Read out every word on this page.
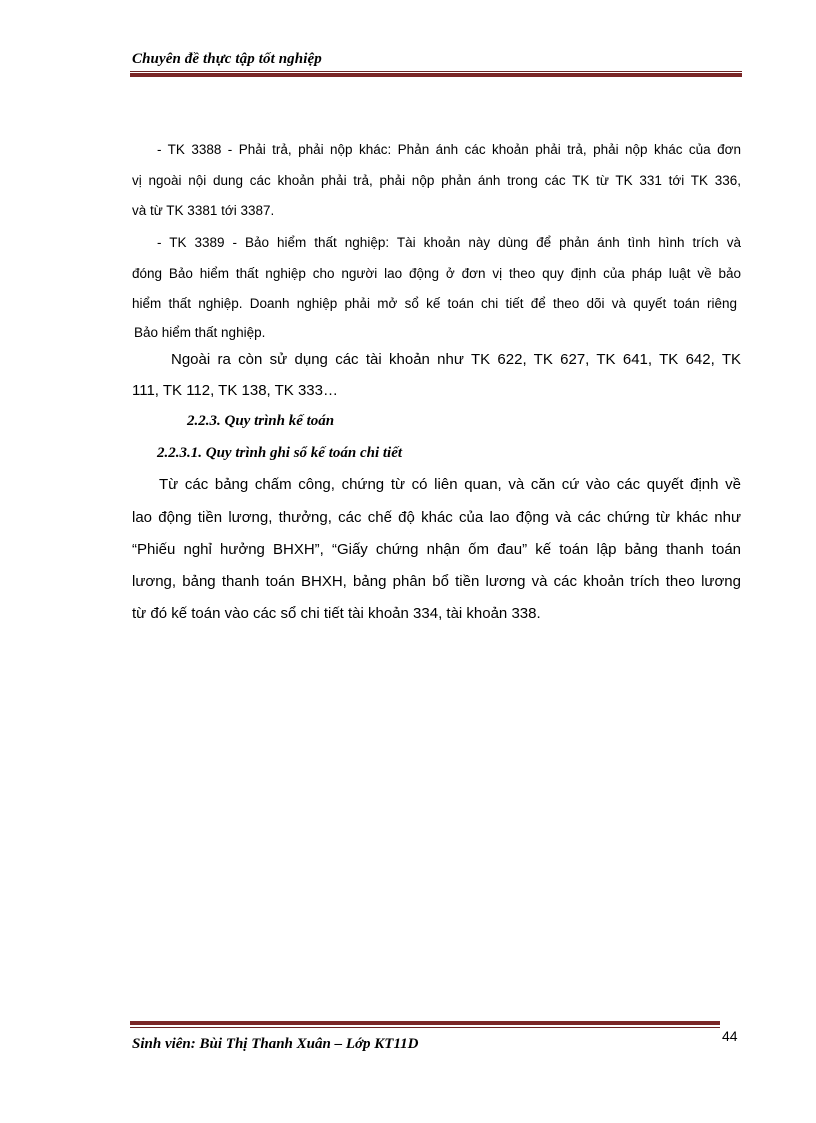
Chuyên đề thực tập tốt nghiệp
- TK 3388 - Phải trả, phải nộp khác: Phản ánh các khoản phải trả, phải nộp khác của đơn
vị ngoài nội dung các khoản phải trả, phải nộp phản ánh trong các TK từ TK 331 tới TK 336,
và từ TK 3381 tới 3387.
- TK 3389 - Bảo hiểm thất nghiệp: Tài khoản này dùng để phản ánh tình hình trích và
đóng Bảo hiểm thất nghiệp cho người lao động ở đơn vị theo quy định của pháp luật về bảo
hiểm thất nghiệp. Doanh nghiệp phải mở sổ kế toán chi tiết để theo dõi và quyết toán riêng
Bảo hiểm thất nghiệp.
Ngoài ra còn sử dụng các tài khoản như TK 622, TK 627, TK 641, TK 642, TK
111, TK 112, TK 138, TK 333…
2.2.3. Quy trình kế toán
2.2.3.1. Quy trình ghi sổ kế toán chi tiết
Từ các bảng chấm công, chứng từ có liên quan, và căn cứ vào các quyết định về
lao động tiền lương, thưởng, các chế độ khác của lao động và các chứng từ khác như
“Phiếu nghỉ hưởng BHXH”, “Giấy chứng nhận ốm đau” kế toán lập bảng thanh toán
lương, bảng thanh toán BHXH, bảng phân bổ tiền lương và các khoản trích theo lương
từ đó kế toán vào các sổ chi tiết tài khoản 334, tài khoản 338.
Sinh viên: Bùi Thị Thanh Xuân – Lớp KT11D	44
